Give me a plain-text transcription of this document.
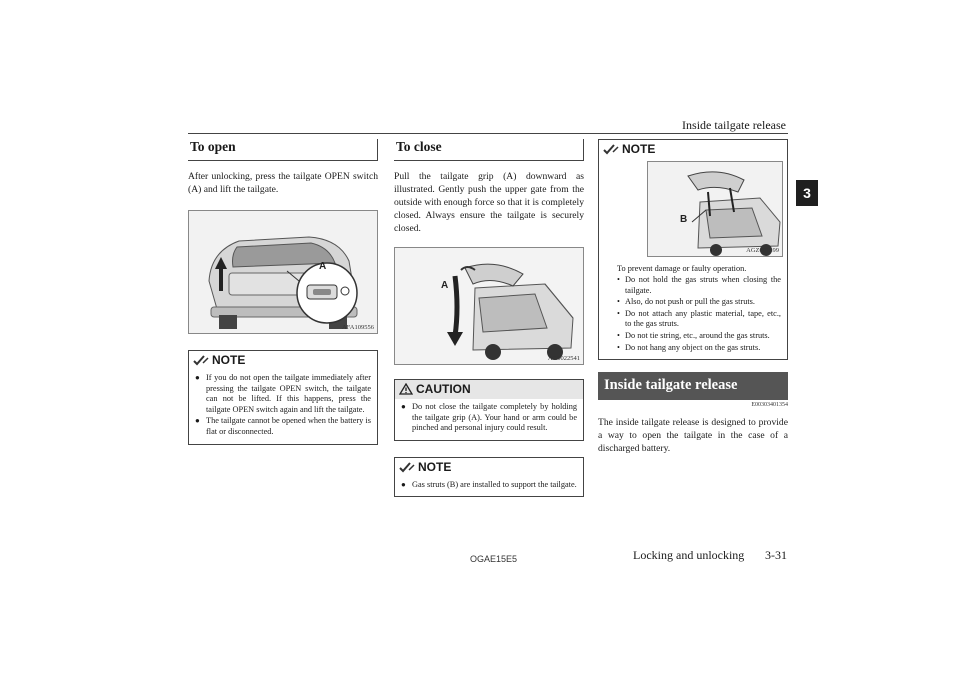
Inside tailgate release
3
To open

After unlocking, press the tailgate OPEN switch (A) and lift the tailgate.

A
AFA109556
NOTE
● If you do not open the tailgate immediately after pressing the tailgate OPEN switch, the tailgate can not be lifted. If this happens, press the tailgate OPEN switch again and lift the tailgate.
● The tailgate cannot be opened when the battery is flat or disconnected.
To close

Pull the tailgate grip (A) downward as illustrated. Gently push the upper gate from the outside with enough force so that it is completely closed. Always ensure the tailgate is securely closed.

A
AG0022541
CAUTION
● Do not close the tailgate completely by holding the tailgate grip (A). Your hand or arm could be pinched and personal injury could result.
NOTE
● Gas struts (B) are installed to support the tailgate.
NOTE
B
AGZ001599

To prevent damage or faulty operation.

• Do not hold the gas struts when closing the tailgate.
• Also, do not push or pull the gas struts.
• Do not attach any plastic material, tape, etc., to the gas struts.
• Do not tie string, etc., around the gas struts.
• Do not hang any object on the gas struts.
Inside tailgate release
E00303401354

The inside tailgate release is designed to provide a way to open the tailgate in the case of a discharged battery.

OGAE15E5	Locking and unlocking 3-31
